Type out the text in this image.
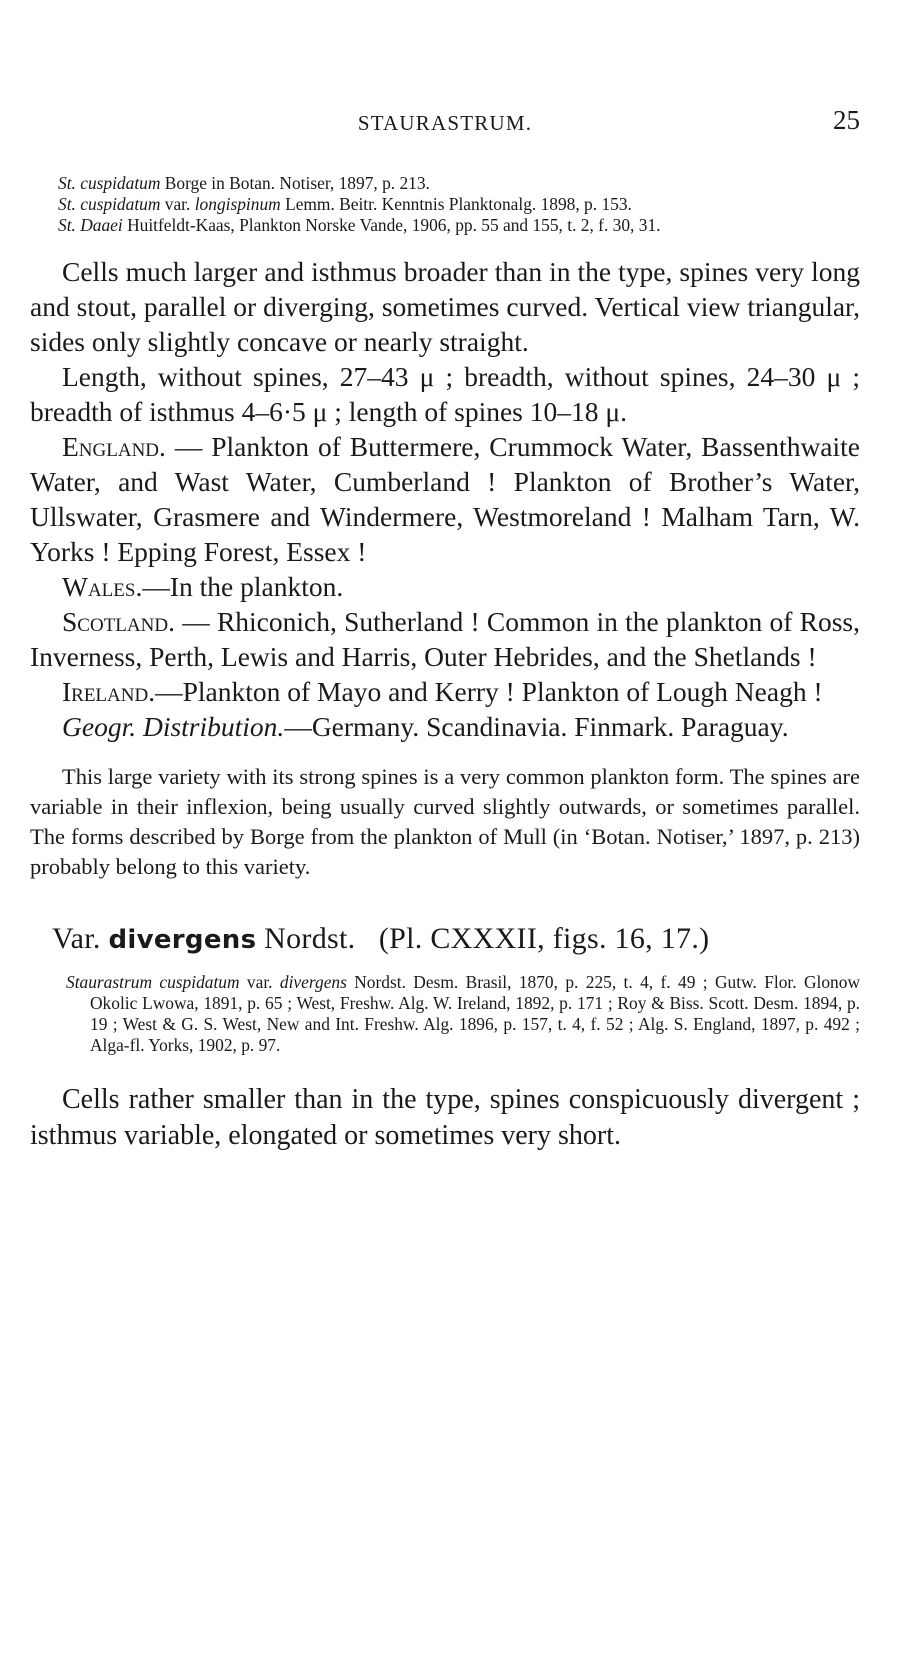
STAURASTRUM.	25

St. cuspidatum Borge in Botan. Notiser, 1897, p. 213.

St. cuspidatum var. longispinum Lemm. Beitr. Kenntnis Planktonalg. 1898, p. 153.

St. Daaei Huitfeldt-Kaas, Plankton Norske Vande, 1906, pp. 55 and 155, t. 2, f. 30, 31.

Cells much larger and isthmus broader than in the type, spines very long and stout, parallel or diverging, sometimes curved. Vertical view triangular, sides only slightly concave or nearly straight.

Length, without spines, 27–43 μ ; breadth, without spines, 24–30 μ ; breadth of isthmus 4–6·5 μ ; length of spines 10–18 μ.

England. — Plankton of Buttermere, Crummock Water, Bassenthwaite Water, and Wast Water, Cumberland ! Plankton of Brother’s Water, Ullswater, Grasmere and Windermere, Westmoreland ! Malham Tarn, W. Yorks ! Epping Forest, Essex !

Wales.—In the plankton.

Scotland. — Rhiconich, Sutherland ! Common in the plankton of Ross, Inverness, Perth, Lewis and Harris, Outer Hebrides, and the Shetlands !

Ireland.—Plankton of Mayo and Kerry ! Plankton of Lough Neagh !

Geogr. Distribution.—Germany. Scandinavia. Finmark. Paraguay.

This large variety with its strong spines is a very common plankton form. The spines are variable in their inflexion, being usually curved slightly outwards, or sometimes parallel. The forms described by Borge from the plankton of Mull (in ‘Botan. Notiser,’ 1897, p. 213) probably belong to this variety.

Var. divergens Nordst. (Pl. CXXXII, figs. 16, 17.)

Staurastrum cuspidatum var. divergens Nordst. Desm. Brasil, 1870, p. 225, t. 4, f. 49 ; Gutw. Flor. Glonow Okolic Lwowa, 1891, p. 65 ; West, Freshw. Alg. W. Ireland, 1892, p. 171 ; Roy & Biss. Scott. Desm. 1894, p. 19 ; West & G. S. West, New and Int. Freshw. Alg. 1896, p. 157, t. 4, f. 52 ; Alg. S. England, 1897, p. 492 ; Alga-fl. Yorks, 1902, p. 97.

Cells rather smaller than in the type, spines conspicuously divergent ; isthmus variable, elongated or sometimes very short.
